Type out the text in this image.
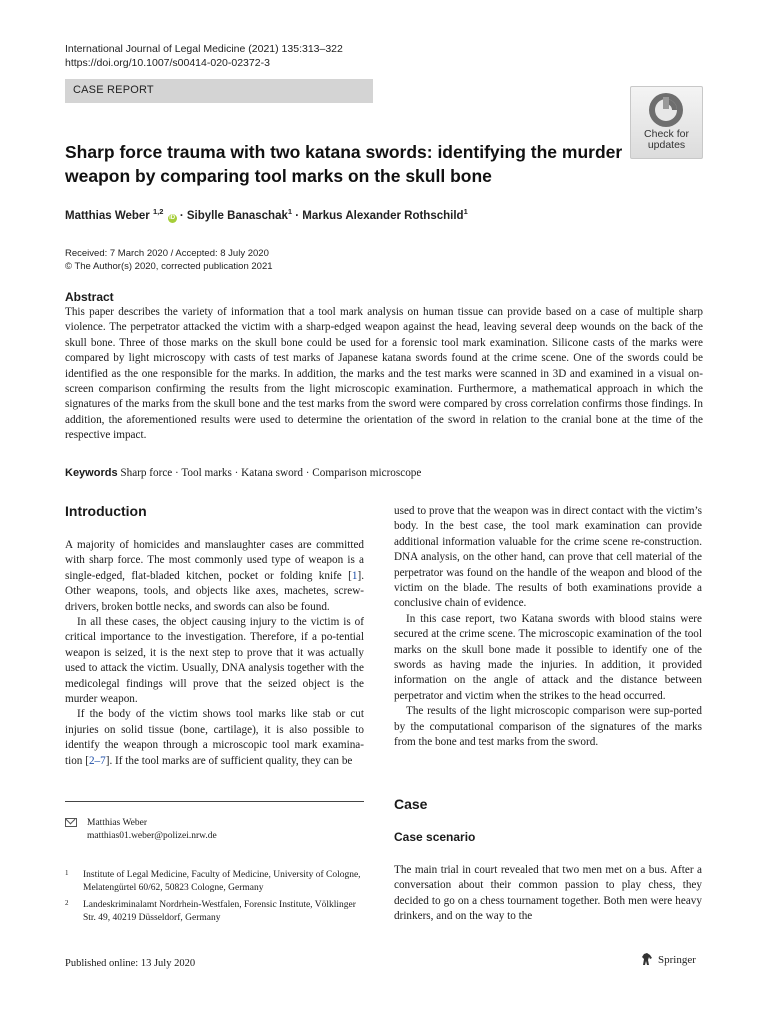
International Journal of Legal Medicine (2021) 135:313–322
https://doi.org/10.1007/s00414-020-02372-3
CASE REPORT
Check for
updates
Sharp force trauma with two katana swords: identifying the murder weapon by comparing tool marks on the skull bone
Matthias Weber $^{1,2}$ iD · Sibylle Banaschak$^1$ · Markus Alexander Rothschild$^1$
Received: 7 March 2020 / Accepted: 8 July 2020
© The Author(s) 2020, corrected publication 2021
Abstract

This paper describes the variety of information that a tool mark analysis on human tissue can provide based on a case of multiple sharp violence. The perpetrator attacked the victim with a sharp-edged weapon against the head, leaving several deep wounds on the back of the skull bone. Three of those marks on the skull bone could be used for a forensic tool mark examination. Silicone casts of the marks were compared by light microscopy with casts of test marks of Japanese katana swords found at the crime scene. One of the swords could be identified as the one responsible for the marks. In addition, the marks and the test marks were scanned in 3D and examined in a visual on-screen comparison confirming the results from the light microscopic examination. Furthermore, a mathematical approach in which the signatures of the marks from the skull bone and the test marks from the sword were compared by cross correlation confirms those findings. In addition, the aforementioned results were used to determine the orientation of the sword in relation to the cranial bone at the time of the respective impact.

Keywords Sharp force · Tool marks · Katana sword · Comparison microscope
Introduction

A majority of homicides and manslaughter cases are committed with sharp force. The most commonly used type of weapon is a single-edged, flat-bladed kitchen, pocket or folding knife [1]. Other weapons, tools, and objects like axes, machetes, screw-drivers, broken bottle necks, and swords can also be found.

In all these cases, the object causing injury to the victim is of critical importance to the investigation. Therefore, if a po-tential weapon is seized, it is the next step to prove that it was actually used to attack the victim. Usually, DNA analysis together with the medicolegal findings will prove that the seized object is the murder weapon.

If the body of the victim shows tool marks like stab or cut injuries on solid tissue (bone, cartilage), it is also possible to identify the weapon through a microscopic tool mark examina-tion [2–7]. If the tool marks are of sufficient quality, they can be

used to prove that the weapon was in direct contact with the victim’s body. In the best case, the tool mark examination can provide additional information valuable for the crime scene re-construction. DNA analysis, on the other hand, can prove that cell material of the perpetrator was found on the handle of the weapon and blood of the victim on the blade. The results of both examinations provide a conclusive chain of evidence.

In this case report, two Katana swords with blood stains were secured at the crime scene. The microscopic examination of the tool marks on the skull bone made it possible to identify one of the swords as having made the injuries. In addition, it provided information on the angle of attack and the distance between perpetrator and victim when the strikes to the head occurred.

The results of the light microscopic comparison were sup-ported by the computational comparison of the signatures of the marks from the bone and test marks from the sword.

Case
Case scenario

The main trial in court revealed that two men met on a bus. After a conversation about their common passion to play chess, they decided to go on a chess tournament together. Both men were heavy drinkers, and on the way to the

Matthias Weber
matthias01.weber@polizei.nrw.de
1 Institute of Legal Medicine, Faculty of Medicine, University of Cologne, Melatengürtel 60/62, 50823 Cologne, Germany
2 Landeskriminalamt Nordrhein-Westfalen, Forensic Institute, Völklinger Str. 49, 40219 Düsseldorf, Germany
Published online: 13 July 2020	Springer
